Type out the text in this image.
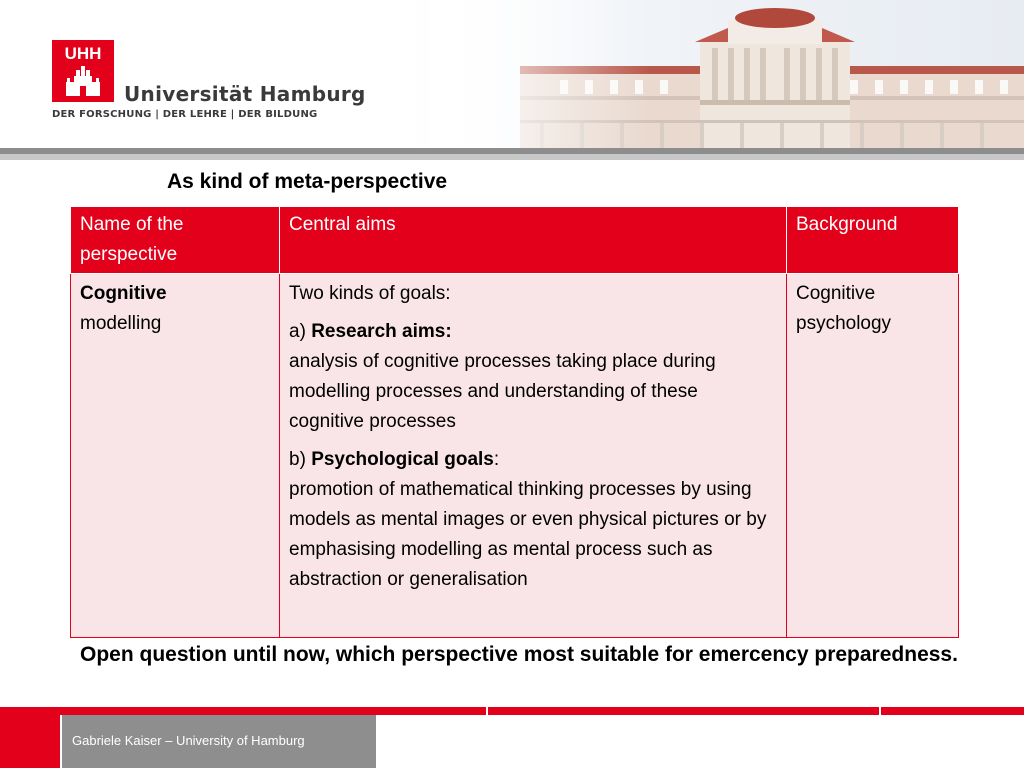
UHH
Universität Hamburg
DER FORSCHUNG | DER LEHRE | DER BILDUNG
As kind of meta-perspective
Name of the perspective	Central aims	Background
Cognitive
modelling	Two kinds of goals:
a) Research aims:
analysis of cognitive processes taking place during modelling processes and understanding of these cognitive processes
b) Psychological goals:
promotion of mathematical thinking processes by using models as mental images or even physical pictures or by emphasising modelling as mental process such as abstraction or generalisation	Cognitive psychology
Open question until now, which perspective most suitable for emercency preparedness.
Gabriele Kaiser – University of Hamburg
